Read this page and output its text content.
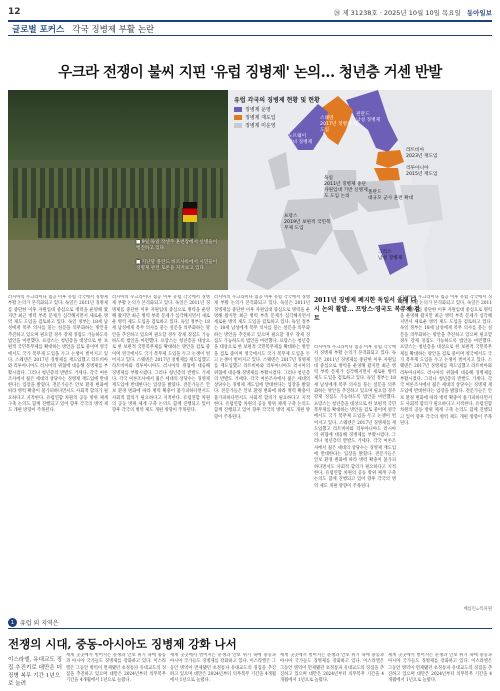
12	㉘ 제 31238호 · 2025년 10월 10일 목요일 동아일보
글로벌 포커스 각국 징병제 부활 논란
우크라 전쟁이 불씨 지핀 '유럽 징병제' 논의… 청년층 거센 반발
■ 9일 독일 작센주 훈련장에서 신병들이 행진하고 있다.
■ 지난달 폴란드 바르샤바에서 시민들이 징병제 관련 토론을 지켜보고 있다.
유럽 각국의 징병제 현황 및 현황
징병제 운영
징병제 재도입
징병제 미운영
노르웨이
남녀 징병제
스웨덴
2017년 징병제 재도입
핀란드
남성 징병제
라트비아
2023년 재도입
리투아니아
2015년 재도입
독일
2011년 징병제 중단
자원입대 기반 신병제도 도입 논의
프랑스
2019년 보편적 국민복무제 도입
폴란드
대규모 군사 훈련 확대
그리스
남성 징병제

러시아의 우크라이나 침공 이후 유럽 각국에서 징병제 부활 논의가 본격화되고 있다. 독일은 2011년 징병제를 중단한 이후 자원입대 중심으로 병력을 운영해 왔지만 최근 병력 부족 문제가 심각해지면서 새로운 병역 제도 도입을 검토하고 있다. 독일 정부는 18세 남성에게 복무 의사를 묻는 설문을 의무화하는 방안을 추진하고 있으며 필요할 경우 강제 징집도 가능하도록 법안을 마련했다. 프랑스는 청년층을 대상으로 한 보편적 국민복무제를 확대하는 방안을 검토 중이며 영국에서도 국가 복무제 도입을 두고 논쟁이 벌어지고 있다. 스웨덴은 2017년 징병제를 재도입했고 라트비아와 리투아니아도 러시아의 위협에 대응해 징병제를 부활시켰다. 그러나 청년층의 반발도 거세다. 각국 여론조사에서 젊은 세대의 상당수는 징병제 재도입에 반대한다는 입장을 밝혔다. 전문가들은 안보 환경 변화에 따라 병력 확충이 불가피하다면서도 사회적 합의가 필요하다고 지적한다. 유럽연합 차원의 공동 방위 체계 구축 논의도 함께 진행되고 있어 향후 각국의 병역 제도 개편 방향이 주목된다.

러시아의 우크라이나 침공 이후 유럽 각국에서 징병제 부활 논의가 본격화되고 있다. 독일은 2011년 징병제를 중단한 이후 자원입대 중심으로 병력을 운영해 왔지만 최근 병력 부족 문제가 심각해지면서 새로운 병역 제도 도입을 검토하고 있다. 독일 정부는 18세 남성에게 복무 의사를 묻는 설문을 의무화하는 방안을 추진하고 있으며 필요할 경우 강제 징집도 가능하도록 법안을 마련했다. 프랑스는 청년층을 대상으로 한 보편적 국민복무제를 확대하는 방안을 검토 중이며 영국에서도 국가 복무제 도입을 두고 논쟁이 벌어지고 있다. 스웨덴은 2017년 징병제를 재도입했고 라트비아와 리투아니아도 러시아의 위협에 대응해 징병제를 부활시켰다. 그러나 청년층의 반발도 거세다. 각국 여론조사에서 젊은 세대의 상당수는 징병제 재도입에 반대한다는 입장을 밝혔다. 전문가들은 안보 환경 변화에 따라 병력 확충이 불가피하다면서도 사회적 합의가 필요하다고 지적한다. 유럽연합 차원의 공동 방위 체계 구축 논의도 함께 진행되고 있어 향후 각국의 병역 제도 개편 방향이 주목된다.

러시아의 우크라이나 침공 이후 유럽 각국에서 징병제 부활 논의가 본격화되고 있다. 독일은 2011년 징병제를 중단한 이후 자원입대 중심으로 병력을 운영해 왔지만 최근 병력 부족 문제가 심각해지면서 새로운 병역 제도 도입을 검토하고 있다. 독일 정부는 18세 남성에게 복무 의사를 묻는 설문을 의무화하는 방안을 추진하고 있으며 필요할 경우 강제 징집도 가능하도록 법안을 마련했다. 프랑스는 청년층을 대상으로 한 보편적 국민복무제를 확대하는 방안을 검토 중이며 영국에서도 국가 복무제 도입을 두고 논쟁이 벌어지고 있다. 스웨덴은 2017년 징병제를 재도입했고 라트비아와 리투아니아도 러시아의 위협에 대응해 징병제를 부활시켰다. 그러나 청년층의 반발도 거세다. 각국 여론조사에서 젊은 세대의 상당수는 징병제 재도입에 반대한다는 입장을 밝혔다. 전문가들은 안보 환경 변화에 따라 병력 확충이 불가피하다면서도 사회적 합의가 필요하다고 지적한다. 유럽연합 차원의 공동 방위 체계 구축 논의도 함께 진행되고 있어 향후 각국의 병역 제도 개편 방향이 주목된다.

2011년 징병제 폐지한 독일서 올해 다시 논의 활발... 프랑스·영국도 복무제 검토

러시아의 우크라이나 침공 이후 유럽 각국에서 징병제 부활 논의가 본격화되고 있다. 독일은 2011년 징병제를 중단한 이후 자원입대 중심으로 병력을 운영해 왔지만 최근 병력 부족 문제가 심각해지면서 새로운 병역 제도 도입을 검토하고 있다. 독일 정부는 18세 남성에게 복무 의사를 묻는 설문을 의무화하는 방안을 추진하고 있으며 필요할 경우 강제 징집도 가능하도록 법안을 마련했다. 프랑스는 청년층을 대상으로 한 보편적 국민복무제를 확대하는 방안을 검토 중이며 영국에서도 국가 복무제 도입을 두고 논쟁이 벌어지고 있다. 스웨덴은 2017년 징병제를 재도입했고 라트비아와 리투아니아도 러시아의 위협에 대응해 징병제를 부활시켰다. 그러나 청년층의 반발도 거세다. 각국 여론조사에서 젊은 세대의 상당수는 징병제 재도입에 반대한다는 입장을 밝혔다. 전문가들은 안보 환경 변화에 따라 병력 확충이 불가피하다면서도 사회적 합의가 필요하다고 지적한다. 유럽연합 차원의 공동 방위 체계 구축 논의도 함께 진행되고 있어 향후 각국의 병역 제도 개편 방향이 주목된다.

러시아의 우크라이나 침공 이후 유럽 각국에서 징병제 부활 논의가 본격화되고 있다. 독일은 2011년 징병제를 중단한 이후 자원입대 중심으로 병력을 운영해 왔지만 최근 병력 부족 문제가 심각해지면서 새로운 병역 제도 도입을 검토하고 있다. 독일 정부는 18세 남성에게 복무 의사를 묻는 설문을 의무화하는 방안을 추진하고 있으며 필요할 경우 강제 징집도 가능하도록 법안을 마련했다. 프랑스는 청년층을 대상으로 한 보편적 국민복무제를 확대하는 방안을 검토 중이며 영국에서도 국가 복무제 도입을 두고 논쟁이 벌어지고 있다. 스웨덴은 2017년 징병제를 재도입했고 라트비아와 리투아니아도 러시아의 위협에 대응해 징병제를 부활시켰다. 그러나 청년층의 반발도 거세다. 각국 여론조사에서 젊은 세대의 상당수는 징병제 재도입에 반대한다는 입장을 밝혔다. 전문가들은 안보 환경 변화에 따라 병력 확충이 불가피하다면서도 사회적 합의가 필요하다고 지적한다. 유럽연합 차원의 공동 방위 체계 구축 논의도 함께 진행되고 있어 향후 각국의 병역 제도 개편 방향이 주목된다.

베를린=특파원
1 유럽 외 지역은
전쟁의 시대, 중동-아시아도 징병제 강화 나서
이스라엘, 유대교도 징집 추진키로 대만은 더 징병 복무 기간 1년으로 늘려

세계 곳곳에서 벌어지는 분쟁과 안보 위기 속에 중동과 아시아 국가들도 징병제를 강화하고 있다. 이스라엘은 그동안 병역이 면제됐던 초정통파 유대교도의 징집을 추진하고 있으며 대만은 2024년부터 의무복무 기간을 4개월에서 1년으로 늘렸다.

세계 곳곳에서 벌어지는 분쟁과 안보 위기 속에 중동과 아시아 국가들도 징병제를 강화하고 있다. 이스라엘은 그동안 병역이 면제됐던 초정통파 유대교도의 징집을 추진하고 있으며 대만은 2024년부터 의무복무 기간을 4개월에서 1년으로 늘렸다.

세계 곳곳에서 벌어지는 분쟁과 안보 위기 속에 중동과 아시아 국가들도 징병제를 강화하고 있다. 이스라엘은 그동안 병역이 면제됐던 초정통파 유대교도의 징집을 추진하고 있으며 대만은 2024년부터 의무복무 기간을 4개월에서 1년으로 늘렸다.

세계 곳곳에서 벌어지는 분쟁과 안보 위기 속에 중동과 아시아 국가들도 징병제를 강화하고 있다. 이스라엘은 그동안 병역이 면제됐던 초정통파 유대교도의 징집을 추진하고 있으며 대만은 2024년부터 의무복무 기간을 4개월에서 1년으로 늘렸다.
